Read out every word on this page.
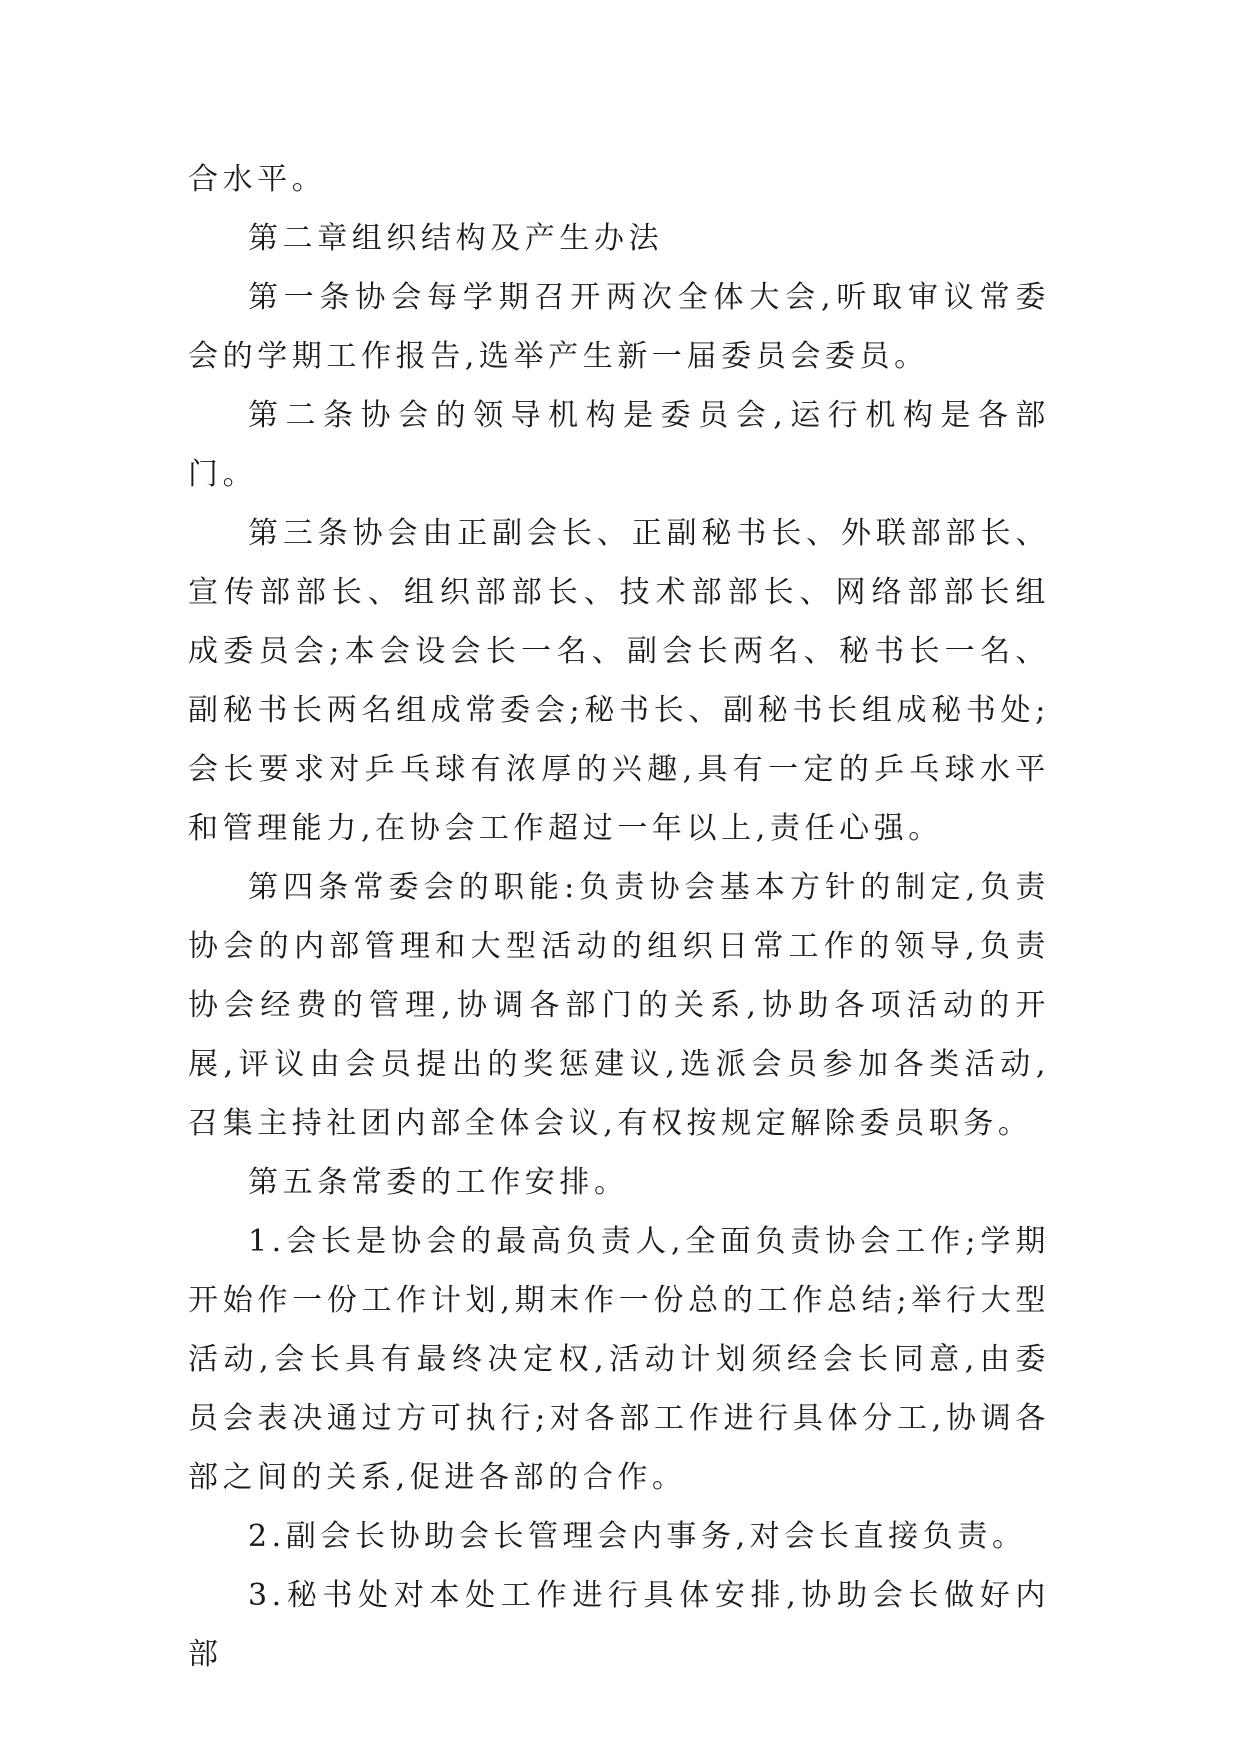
合水平。

第二章组织结构及产生办法

第一条协会每学期召开两次全体大会,听取审议常委会的学期工作报告,选举产生新一届委员会委员。

第二条协会的领导机构是委员会,运行机构是各部门。

第三条协会由正副会长、正副秘书长、外联部部长、宣传部部长、组织部部长、技术部部长、网络部部长组成委员会;本会设会长一名、副会长两名、秘书长一名、副秘书长两名组成常委会;秘书长、副秘书长组成秘书处;会长要求对乒乓球有浓厚的兴趣,具有一定的乒乓球水平和管理能力,在协会工作超过一年以上,责任心强。

第四条常委会的职能:负责协会基本方针的制定,负责协会的内部管理和大型活动的组织日常工作的领导,负责协会经费的管理,协调各部门的关系,协助各项活动的开展,评议由会员提出的奖惩建议,选派会员参加各类活动,召集主持社团内部全体会议,有权按规定解除委员职务。

第五条常委的工作安排。

1.会长是协会的最高负责人,全面负责协会工作;学期开始作一份工作计划,期末作一份总的工作总结;举行大型活动,会长具有最终决定权,活动计划须经会长同意,由委员会表决通过方可执行;对各部工作进行具体分工,协调各部之间的关系,促进各部的合作。

2.副会长协助会长管理会内事务,对会长直接负责。

3.秘书处对本处工作进行具体安排,协助会长做好内部
